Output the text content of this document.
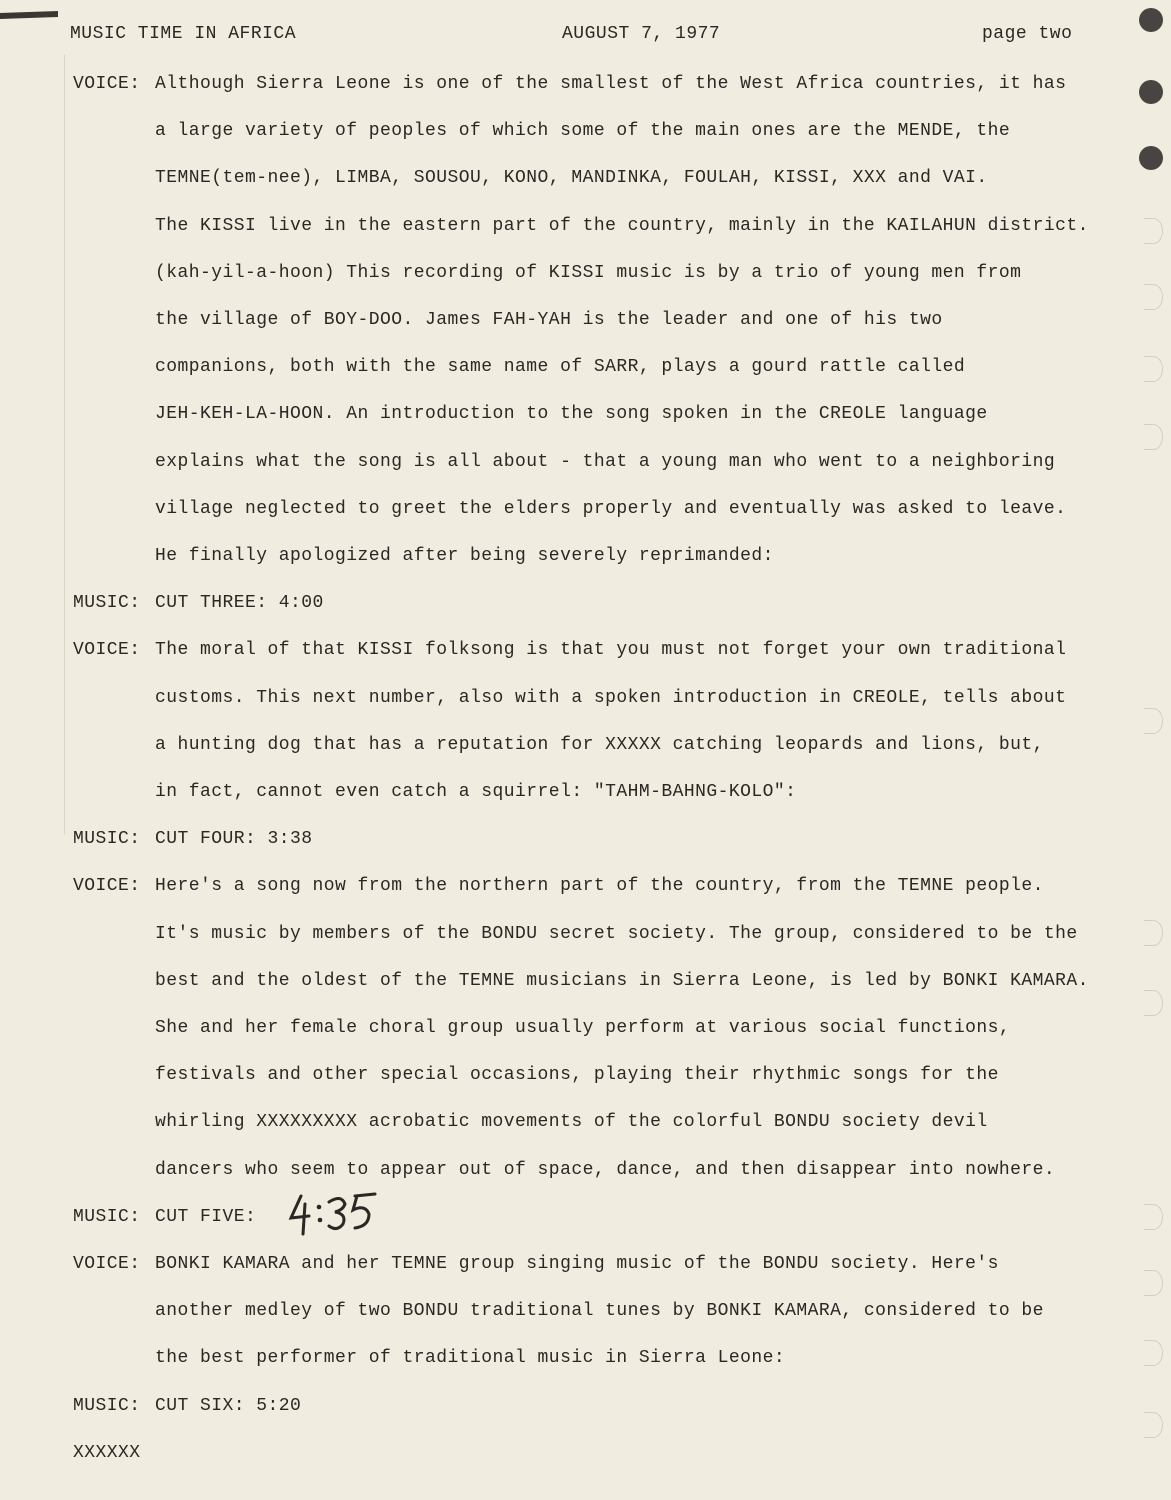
MUSIC TIME IN AFRICA	AUGUST 7, 1977	page two
VOICE: Although Sierra Leone is one of the smallest of the West Africa countries, it has
a large variety of peoples of which some of the main ones are the MENDE, the
TEMNE(tem-nee), LIMBA, SOUSOU, KONO, MANDINKA, FOULAH, KISSI, XXX and VAI.
The KISSI live in the eastern part of the country, mainly in the KAILAHUN district.
(kah-yil-a-hoon) This recording of KISSI music is by a trio of young men from
the village of BOY-DOO. James FAH-YAH is the leader and one of his two
companions, both with the same name of SARR, plays a gourd rattle called
JEH-KEH-LA-HOON. An introduction to the song spoken in the CREOLE language
explains what the song is all about - that a young man who went to a neighboring
village neglected to greet the elders properly and eventually was asked to leave.
He finally apologized after being severely reprimanded:
MUSIC: CUT THREE: 4:00
VOICE: The moral of that KISSI folksong is that you must not forget your own traditional
customs. This next number, also with a spoken introduction in CREOLE, tells about
a hunting dog that has a reputation for XXXXX catching leopards and lions, but,
in fact, cannot even catch a squirrel: "TAHM-BAHNG-KOLO":
MUSIC: CUT FOUR: 3:38
VOICE: Here's a song now from the northern part of the country, from the TEMNE people.
It's music by members of the BONDU secret society. The group, considered to be the
best and the oldest of the TEMNE musicians in Sierra Leone, is led by BONKI KAMARA.
She and her female choral group usually perform at various social functions,
festivals and other special occasions, playing their rhythmic songs for the
whirling XXXXXXXXX acrobatic movements of the colorful BONDU society devil
dancers who seem to appear out of space, dance, and then disappear into nowhere.
MUSIC: CUT FIVE:
VOICE: BONKI KAMARA and her TEMNE group singing music of the BONDU society. Here's
another medley of two BONDU traditional tunes by BONKI KAMARA, considered to be
the best performer of traditional music in Sierra Leone:
MUSIC: CUT SIX: 5:20
XXXXXX
